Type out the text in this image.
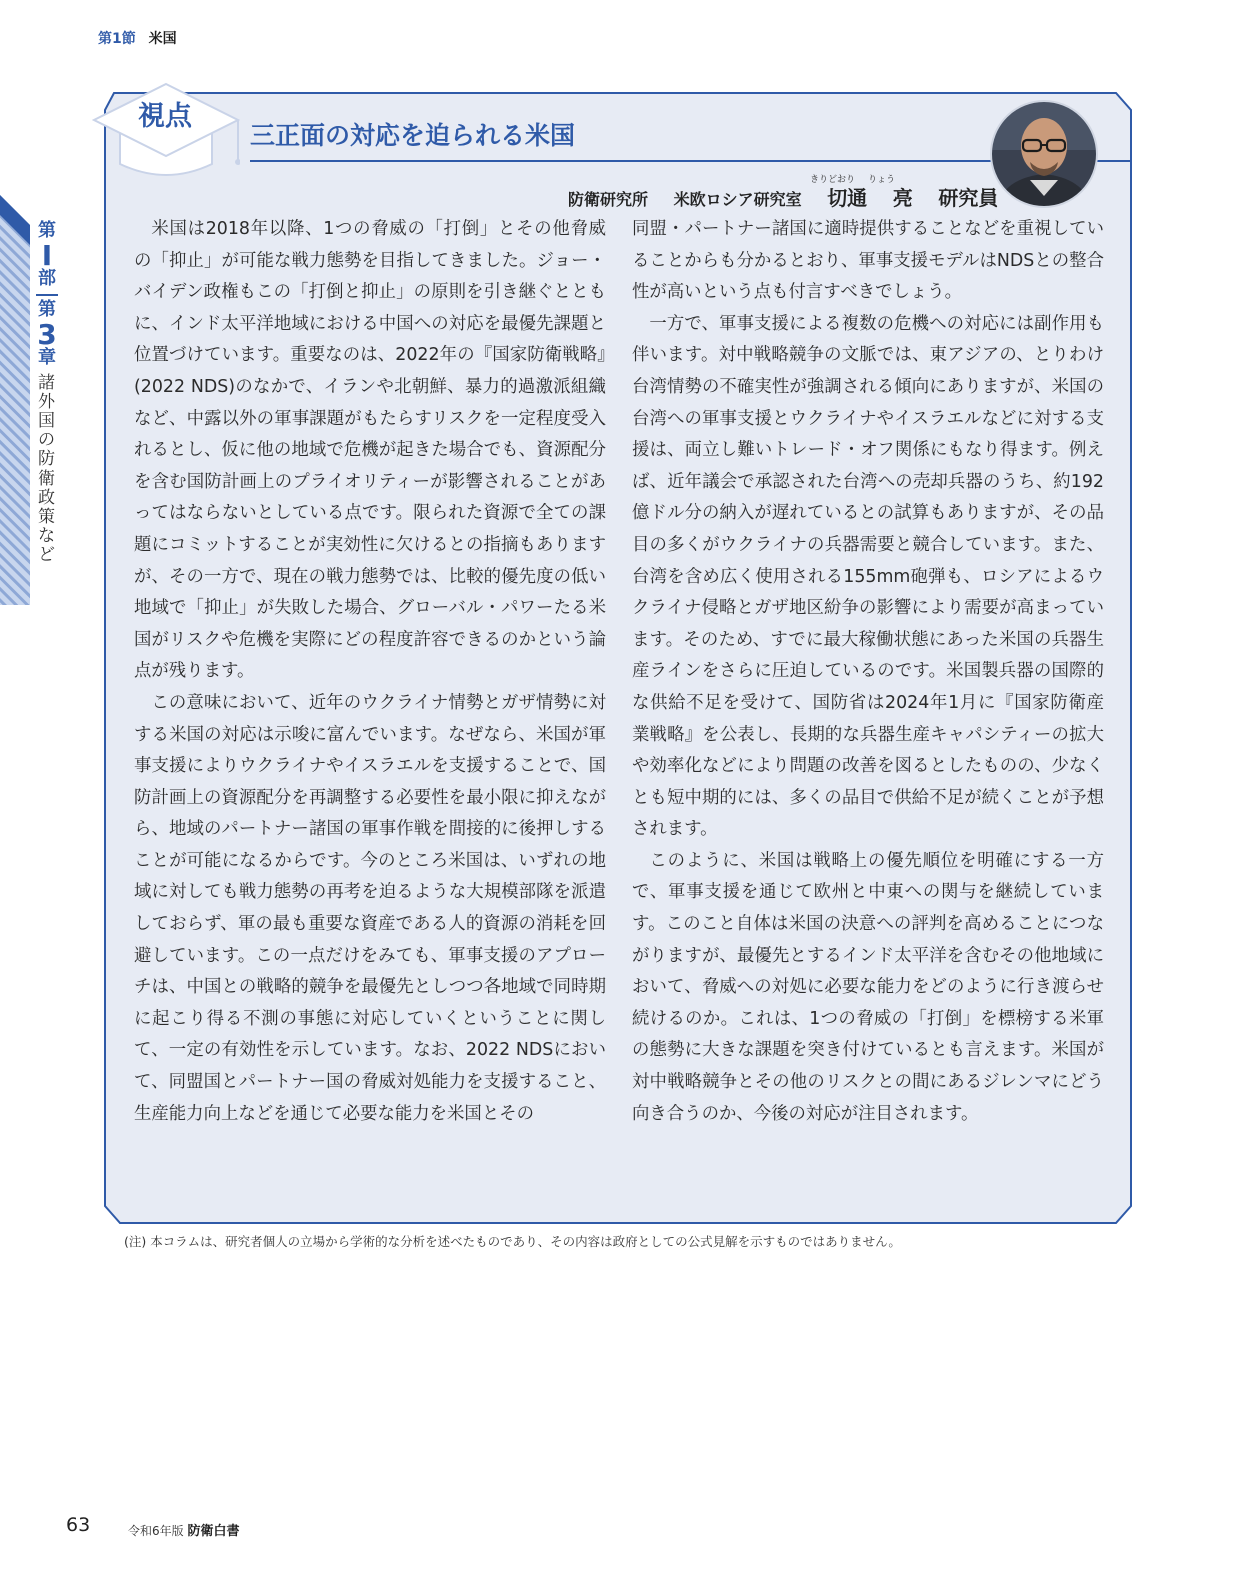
第1節 米国
第
I
部
第
3
章
諸
外
国
の
防
衛
政
策
な
ど
視点
三正面の対応を迫られる米国
きりどおり りょう
防衛研究所 米欧ロシア研究室 切通 亮 研究員

米国は2018年以降、1つの脅威の「打倒」とその他脅威の「抑止」が可能な戦力態勢を目指してきました。ジョー・バイデン政権もこの「打倒と抑止」の原則を引き継ぐとともに、インド太平洋地域における中国への対応を最優先課題と位置づけています。重要なのは、2022年の『国家防衛戦略』(2022 NDS)のなかで、イランや北朝鮮、暴力的過激派組織など、中露以外の軍事課題がもたらすリスクを一定程度受入れるとし、仮に他の地域で危機が起きた場合でも、資源配分を含む国防計画上のプライオリティーが影響されることがあってはならないとしている点です。限られた資源で全ての課題にコミットすることが実効性に欠けるとの指摘もありますが、その一方で、現在の戦力態勢では、比較的優先度の低い地域で「抑止」が失敗した場合、グローバル・パワーたる米国がリスクや危機を実際にどの程度許容できるのかという論点が残ります。

この意味において、近年のウクライナ情勢とガザ情勢に対する米国の対応は示唆に富んでいます。なぜなら、米国が軍事支援によりウクライナやイスラエルを支援することで、国防計画上の資源配分を再調整する必要性を最小限に抑えながら、地域のパートナー諸国の軍事作戦を間接的に後押しすることが可能になるからです。今のところ米国は、いずれの地域に対しても戦力態勢の再考を迫るような大規模部隊を派遣しておらず、軍の最も重要な資産である人的資源の消耗を回避しています。この一点だけをみても、軍事支援のアプローチは、中国との戦略的競争を最優先としつつ各地域で同時期に起こり得る不測の事態に対応していくということに関して、一定の有効性を示しています。なお、2022 NDSにおいて、同盟国とパートナー国の脅威対処能力を支援すること、生産能力向上などを通じて必要な能力を米国とその

同盟・パートナー諸国に適時提供することなどを重視していることからも分かるとおり、軍事支援モデルはNDSとの整合性が高いという点も付言すべきでしょう。

一方で、軍事支援による複数の危機への対応には副作用も伴います。対中戦略競争の文脈では、東アジアの、とりわけ台湾情勢の不確実性が強調される傾向にありますが、米国の台湾への軍事支援とウクライナやイスラエルなどに対する支援は、両立し難いトレード・オフ関係にもなり得ます。例えば、近年議会で承認された台湾への売却兵器のうち、約192億ドル分の納入が遅れているとの試算もありますが、その品目の多くがウクライナの兵器需要と競合しています。また、台湾を含め広く使用される155mm砲弾も、ロシアによるウクライナ侵略とガザ地区紛争の影響により需要が高まっています。そのため、すでに最大稼働状態にあった米国の兵器生産ラインをさらに圧迫しているのです。米国製兵器の国際的な供給不足を受けて、国防省は2024年1月に『国家防衛産業戦略』を公表し、長期的な兵器生産キャパシティーの拡大や効率化などにより問題の改善を図るとしたものの、少なくとも短中期的には、多くの品目で供給不足が続くことが予想されます。

このように、米国は戦略上の優先順位を明確にする一方で、軍事支援を通じて欧州と中東への関与を継続しています。このこと自体は米国の決意への評判を高めることにつながりますが、最優先とするインド太平洋を含むその他地域において、脅威への対処に必要な能力をどのように行き渡らせ続けるのか。これは、1つの脅威の「打倒」を標榜する米軍の態勢に大きな課題を突き付けているとも言えます。米国が対中戦略競争とその他のリスクとの間にあるジレンマにどう向き合うのか、今後の対応が注目されます。

(注) 本コラムは、研究者個人の立場から学術的な分析を述べたものであり、その内容は政府としての公式見解を示すものではありません。
63	令和6年版 防衛白書
